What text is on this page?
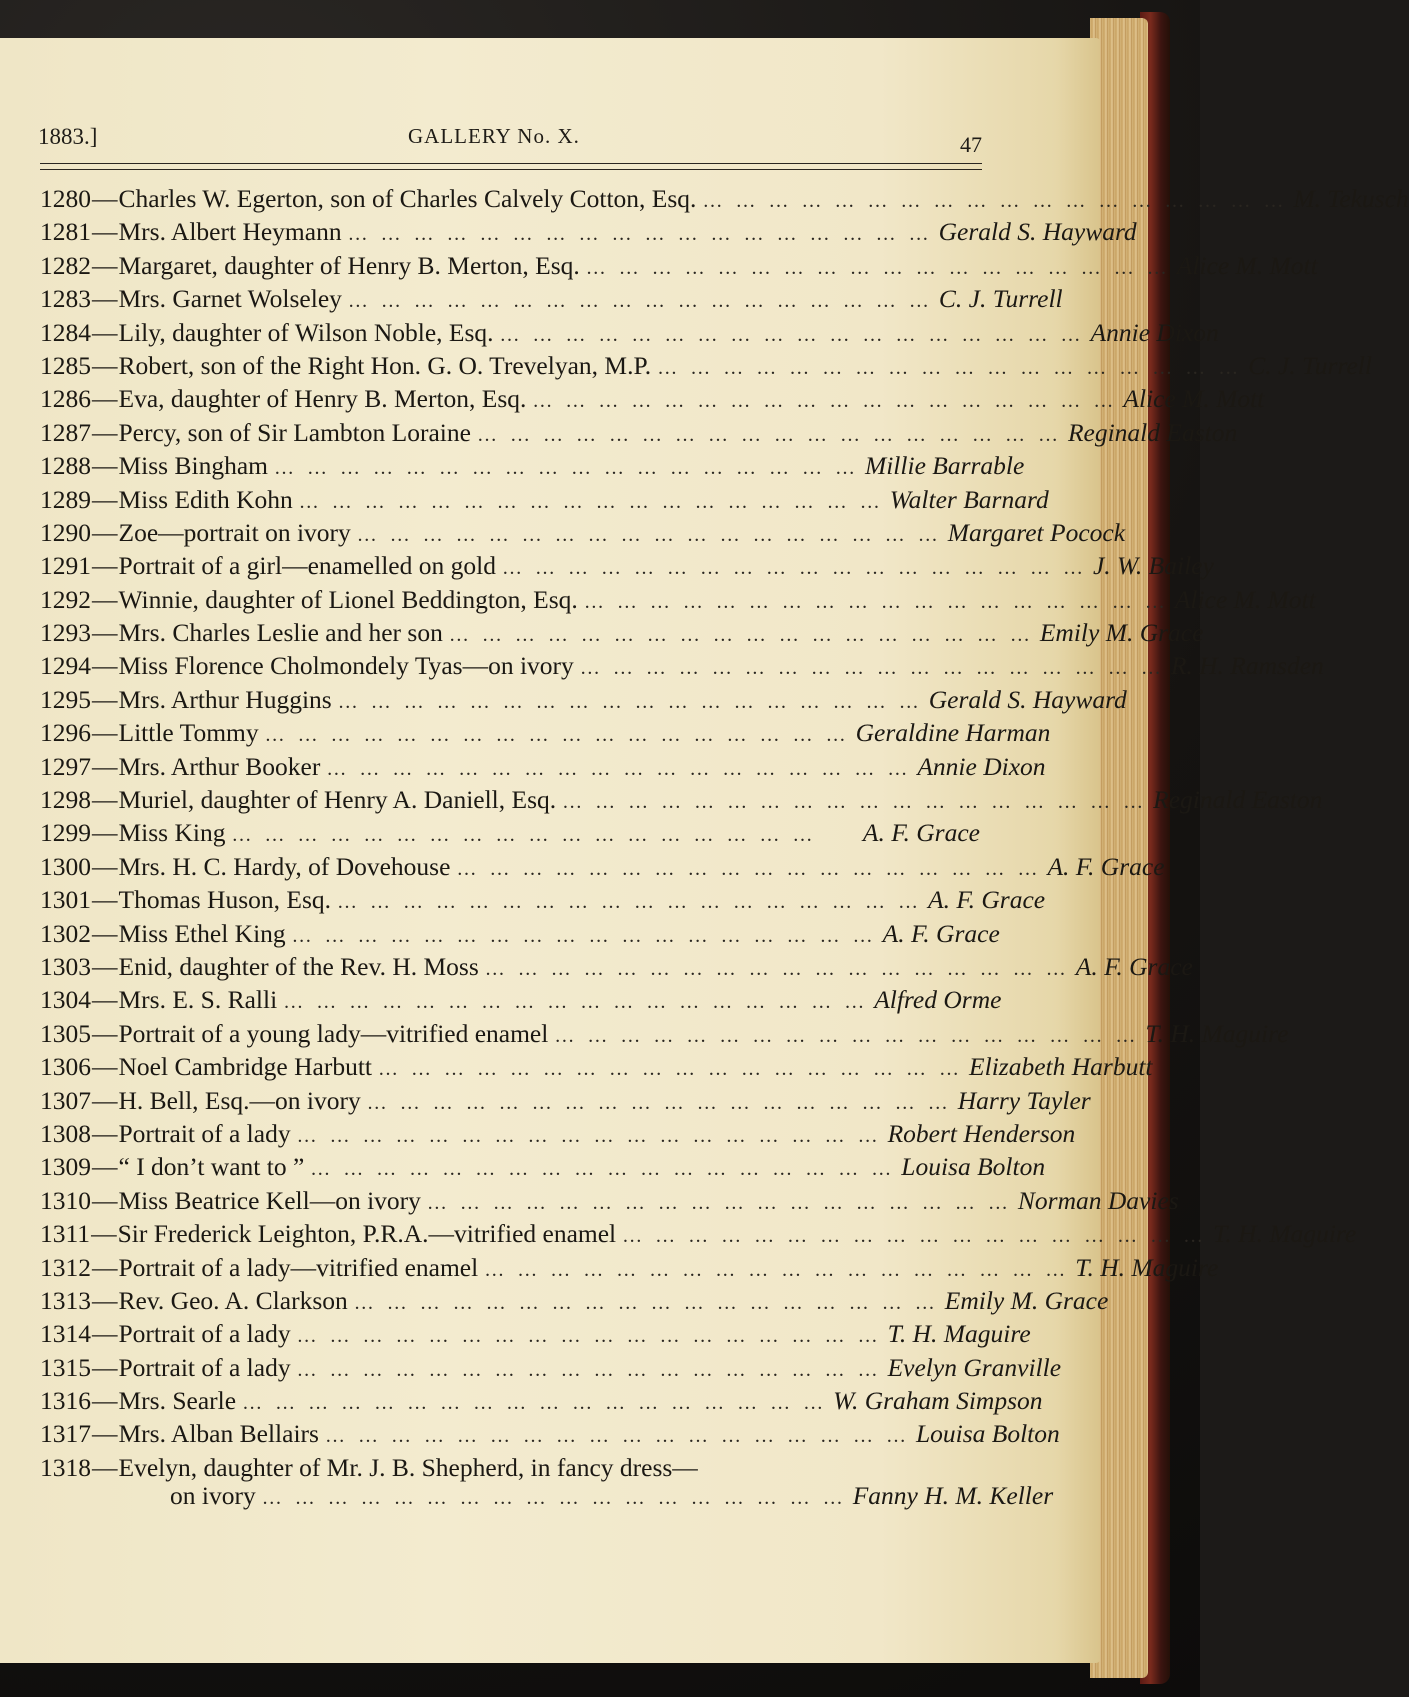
1883.]	GALLERY No. X.	47
1280 — Charles W. Egerton, son of Charles Calvely Cotton, Esq. … … … … … … … … … … … … … … … … … … M. Tekusch
1281 — Mrs. Albert Heymann … … … … … … … … … … … … … … … … … … Gerald S. Hayward
1282 — Margaret, daughter of Henry B. Merton, Esq. … … … … … … … … … … … … … … … … … … Alice M. Mott
1283 — Mrs. Garnet Wolseley … … … … … … … … … … … … … … … … … … C. J. Turrell
1284 — Lily, daughter of Wilson Noble, Esq. … … … … … … … … … … … … … … … … … … Annie Dixon
1285 — Robert, son of the Right Hon. G. O. Trevelyan, M.P. … … … … … … … … … … … … … … … … … … C. J. Turrell
1286 — Eva, daughter of Henry B. Merton, Esq. … … … … … … … … … … … … … … … … … … Alice M. Mott
1287 — Percy, son of Sir Lambton Loraine … … … … … … … … … … … … … … … … … … Reginald Easton
1288 — Miss Bingham … … … … … … … … … … … … … … … … … … Millie Barrable
1289 — Miss Edith Kohn … … … … … … … … … … … … … … … … … … Walter Barnard
1290 — Zoe—portrait on ivory … … … … … … … … … … … … … … … … … … Margaret Pocock
1291 — Portrait of a girl—enamelled on gold … … … … … … … … … … … … … … … … … … J. W. Bailey
1292 — Winnie, daughter of Lionel Beddington, Esq. … … … … … … … … … … … … … … … … … … Alice M. Mott
1293 — Mrs. Charles Leslie and her son … … … … … … … … … … … … … … … … … … Emily M. Grace
1294 — Miss Florence Cholmondely Tyas—on ivory … … … … … … … … … … … … … … … … … … R. H. Ramsden
1295 — Mrs. Arthur Huggins … … … … … … … … … … … … … … … … … … Gerald S. Hayward
1296 — Little Tommy … … … … … … … … … … … … … … … … … … Geraldine Harman
1297 — Mrs. Arthur Booker … … … … … … … … … … … … … … … … … … Annie Dixon
1298 — Muriel, daughter of Henry A. Daniell, Esq. … … … … … … … … … … … … … … … … … … Reginald Easton
1299 — Miss King … … … … … … … … … … … … … … … … … …	A. F. Grace
1300 — Mrs. H. C. Hardy, of Dovehouse … … … … … … … … … … … … … … … … … … A. F. Grace
1301 — Thomas Huson, Esq. … … … … … … … … … … … … … … … … … … A. F. Grace
1302 — Miss Ethel King … … … … … … … … … … … … … … … … … … A. F. Grace
1303 — Enid, daughter of the Rev. H. Moss … … … … … … … … … … … … … … … … … … A. F. Grace
1304 — Mrs. E. S. Ralli … … … … … … … … … … … … … … … … … … Alfred Orme
1305 — Portrait of a young lady—vitrified enamel … … … … … … … … … … … … … … … … … … T. H. Maguire
1306 — Noel Cambridge Harbutt … … … … … … … … … … … … … … … … … … Elizabeth Harbutt
1307 — H. Bell, Esq.—on ivory … … … … … … … … … … … … … … … … … … Harry Tayler
1308 — Portrait of a lady … … … … … … … … … … … … … … … … … … Robert Henderson
1309 — “ I don’t want to ” … … … … … … … … … … … … … … … … … … Louisa Bolton
1310 — Miss Beatrice Kell—on ivory … … … … … … … … … … … … … … … … … … Norman Davies
1311 — Sir Frederick Leighton, P.R.A.—vitrified enamel … … … … … … … … … … … … … … … … … … T. H. Maguire
1312 — Portrait of a lady—vitrified enamel … … … … … … … … … … … … … … … … … … T. H. Maguire
1313 — Rev. Geo. A. Clarkson … … … … … … … … … … … … … … … … … … Emily M. Grace
1314 — Portrait of a lady … … … … … … … … … … … … … … … … … … T. H. Maguire
1315 — Portrait of a lady … … … … … … … … … … … … … … … … … … Evelyn Granville
1316 — Mrs. Searle … … … … … … … … … … … … … … … … … … W. Graham Simpson
1317 — Mrs. Alban Bellairs … … … … … … … … … … … … … … … … … … Louisa Bolton
1318 — Evelyn, daughter of Mr. J. B. Shepherd, in fancy dress—
on ivory … … … … … … … … … … … … … … … … … … Fanny H. M. Keller
